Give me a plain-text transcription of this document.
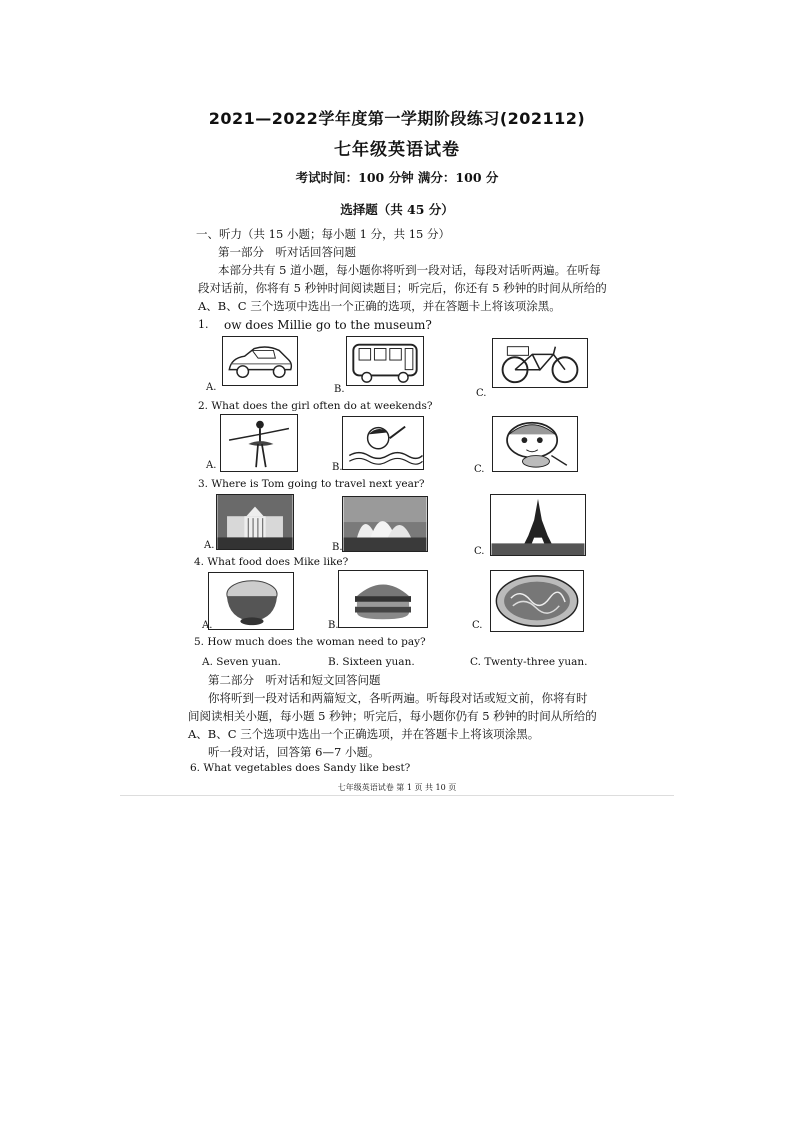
2021—2022学年度第一学期阶段练习(202112)
七年级英语试卷
考试时间：100 分钟 满分：100 分
选择题（共 45 分）
一、听力（共 15 小题；每小题 1 分，共 15 分）
第一部分　听对话回答问题
本部分共有 5 道小题，每小题你将听到一段对话，每段对话听两遍。在听每
段对话前，你将有 5 秒钟时间阅读题目；听完后，你还有 5 秒钟的时间从所给的
A、B、C 三个选项中选出一个正确的选项，并在答题卡上将该项涂黑。
1. ow does Millie go to the museum?
A.	B.	C.
2. What does the girl often do at weekends?
A.	B.	C.
3. Where is Tom going to travel next year?
A.	B.	C.
4. What food does Mike like?
A.	B.	C.
5. How much does the woman need to pay?
A. Seven yuan.	B. Sixteen yuan.	C. Twenty-three yuan.
第二部分　听对话和短文回答问题
你将听到一段对话和两篇短文，各听两遍。听每段对话或短文前，你将有时
间阅读相关小题，每小题 5 秒钟；听完后，每小题你仍有 5 秒钟的时间从所给的
A、B、C 三个选项中选出一个正确选项，并在答题卡上将该项涂黑。
听一段对话，回答第 6—7 小题。
6. What vegetables does Sandy like best?
七年级英语试卷 第 1 页 共 10 页
